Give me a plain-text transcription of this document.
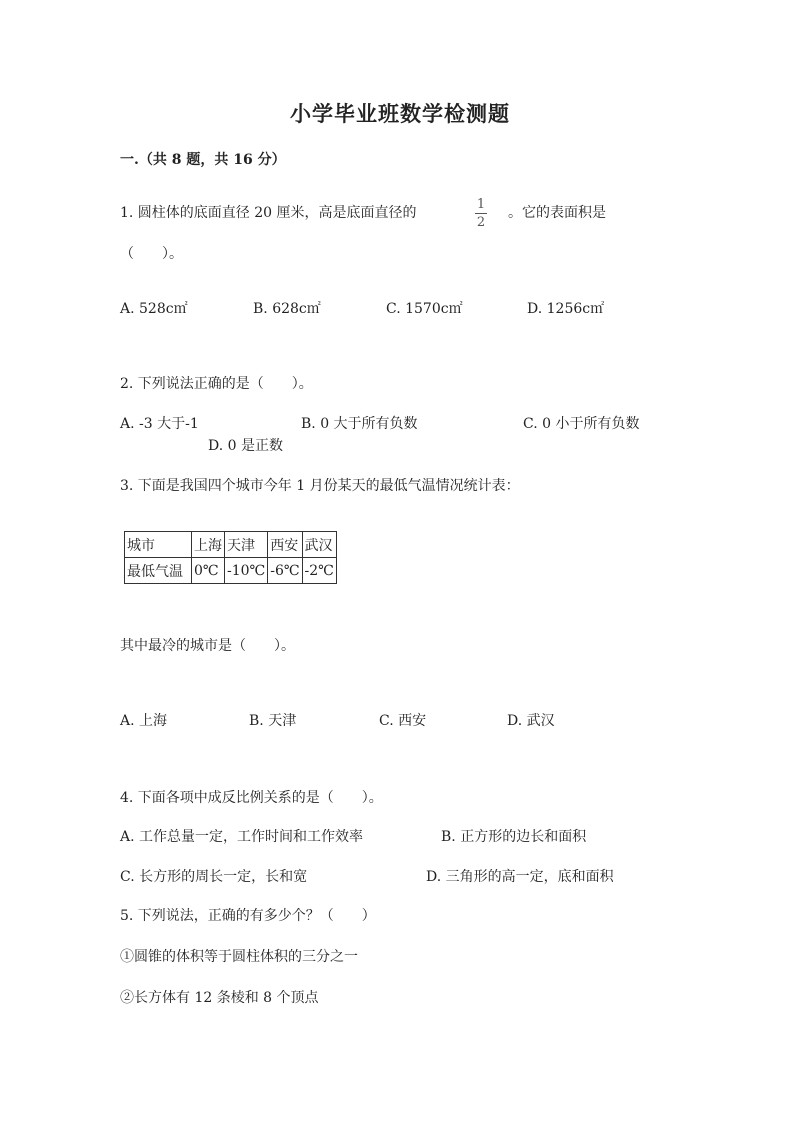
小学毕业班数学检测题
一.（共 8 题，共 16 分）
1. 圆柱体的底面直径 20 厘米，高是底面直径的
1
2
。它的表面积是
（　　）。
A. 528c㎡	B. 628c㎡	C. 1570c㎡	D. 1256c㎡
2. 下列说法正确的是（　　）。
A. -3 大于-1	B. 0 大于所有负数	C. 0 小于所有负数
D. 0 是正数
3. 下面是我国四个城市今年 1 月份某天的最低气温情况统计表：
城市	上海	天津	西安	武汉
最低气温	0℃	-10℃	-6℃	-2℃
其中最冷的城市是（　　）。
A. 上海	B. 天津	C. 西安	D. 武汉
4. 下面各项中成反比例关系的是（　　）。
A. 工作总量一定，工作时间和工作效率	B. 正方形的边长和面积
C. 长方形的周长一定，长和宽	D. 三角形的高一定，底和面积
5. 下列说法，正确的有多少个？（　　）
①圆锥的体积等于圆柱体积的三分之一
②长方体有 12 条棱和 8 个顶点
